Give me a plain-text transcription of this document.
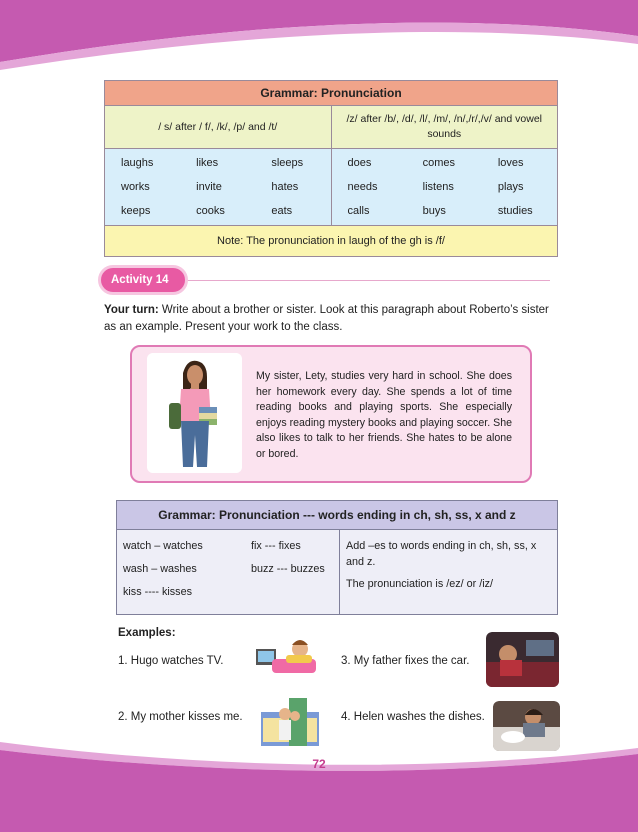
Grammar: Pronunciation
/ s/ after / f/, /k/, /p/ and /t/
/z/ after /b/, /d/, /l/, /m/, /n/,/r/,/v/ and vowel sounds
laughs	likes	sleeps
works	invite	hates
keeps	cooks	eats
does	comes	loves
needs	listens	plays
calls	buys	studies
Note: The pronunciation in laugh of the gh is /f/
Activity 14
Your turn: Write about a brother or sister. Look at this paragraph about Roberto’s sister as an example. Present your work to the class.
My sister, Lety, studies very hard in school. She does her homework every day. She spends a lot of time reading books and playing sports. She especially enjoys reading mystery books and playing soccer. She also likes to talk to her friends. She hates to be alone or bored.
Grammar: Pronunciation --- words ending in ch, sh, ss, x and z
watch – watches	fix --- fixes
wash – washes	buzz --- buzzes
kiss ---- kisses

Add –es to words ending in ch, sh, ss, x and z.

The pronunciation is /ez/ or /iz/

Examples:
1. Hugo watches TV.
2. My mother kisses me.
3. My father fixes the car.
4. Helen washes the dishes.
72
